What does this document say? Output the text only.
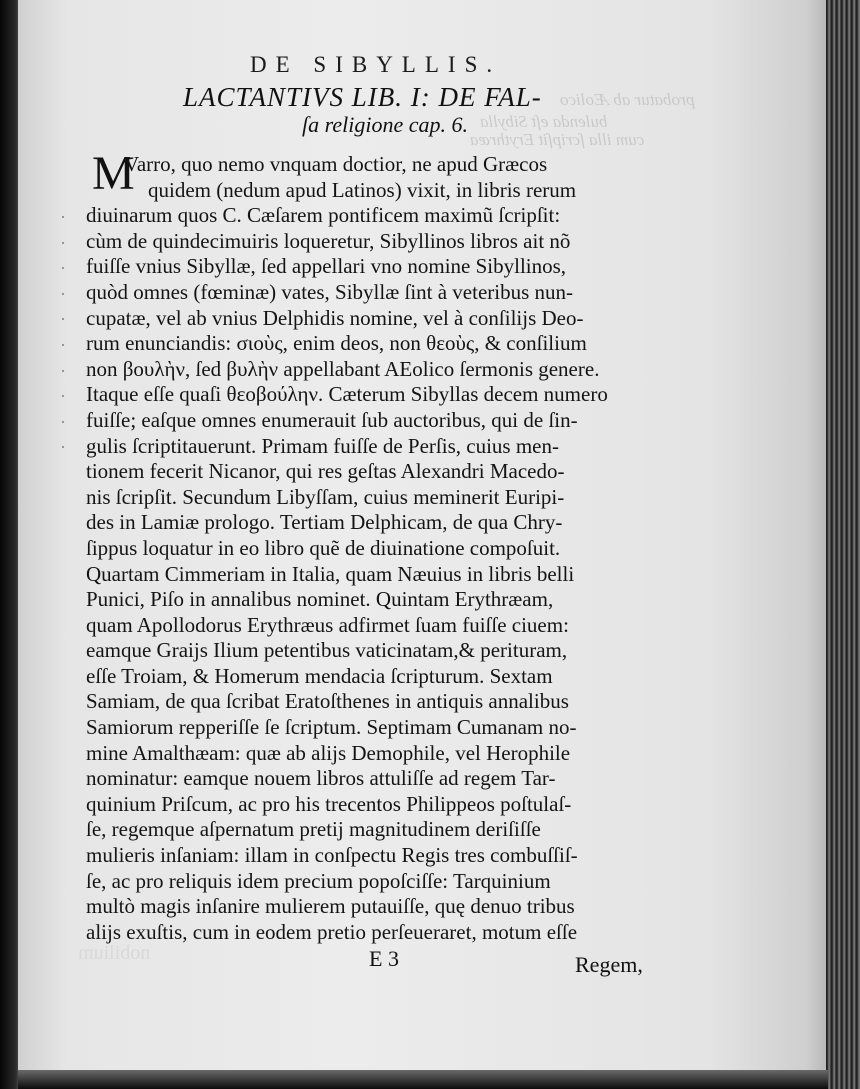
probatur ab Æolico
bulenda eſt Sibylla
cum illa ſcripſit Erythræa
nobilium
DE SIBYLLIS.
LACTANTIVS LIB. I: DE FAL-
ſa religione cap. 6.
M
·
·
·
·
·
·
·
·
·
·
Varro, quo nemo vnquam doctior, ne apud Græcos
quidem (nedum apud Latinos) vixit, in libris rerum
diuinarum quos C. Cæſarem pontificem maximũ ſcripſit:
cùm de quindecimuiris loqueretur, Sibyllinos libros ait nõ
fuiſſe vnius Sibyllæ, ſed appellari vno nomine Sibyllinos,
quòd omnes (fœminæ) vates, Sibyllæ ſint à veteribus nun-
cupatæ, vel ab vnius Delphidis nomine, vel à conſilijs Deo-
rum enunciandis: σιοὺς, enim deos, non θεοὺς, & conſilium
non βουλὴν, ſed βυλὴν appellabant AEolico ſermonis genere.
Itaque eſſe quaſi θεοβούλην. Cæterum Sibyllas decem numero
fuiſſe; eaſque omnes enumerauit ſub auctoribus, qui de ſin-
gulis ſcriptitauerunt. Primam fuiſſe de Perſis, cuius men-
tionem fecerit Nicanor, qui res geſtas Alexandri Macedo-
nis ſcripſit. Secundum Libyſſam, cuius meminerit Euripi-
des in Lamiæ prologo. Tertiam Delphicam, de qua Chry-
ſippus loquatur in eo libro quẽ de diuinatione compoſuit.
Quartam Cimmeriam in Italia, quam Næuius in libris belli
Punici, Piſo in annalibus nominet. Quintam Erythræam,
quam Apollodorus Erythræus adfirmet ſuam fuiſſe ciuem:
eamque Graijs Ilium petentibus vaticinatam,& perituram,
eſſe Troiam, & Homerum mendacia ſcripturum. Sextam
Samiam, de qua ſcribat Eratoſthenes in antiquis annalibus
Samiorum repperiſſe ſe ſcriptum. Septimam Cumanam no-
mine Amalthæam: quæ ab alijs Demophile, vel Herophile
nominatur: eamque nouem libros attuliſſe ad regem Tar-
quinium Priſcum, ac pro his trecentos Philippeos poſtulaſ-
ſe, regemque aſpernatum pretij magnitudinem deriſiſſe
mulieris inſaniam: illam in conſpectu Regis tres combuſſiſ-
ſe, ac pro reliquis idem precium popoſciſſe: Tarquinium
multò magis inſanire mulierem putauiſſe, quę denuo tribus
alijs exuſtis, cum in eodem pretio perſeueraret, motum eſſe
E 3	Regem,
